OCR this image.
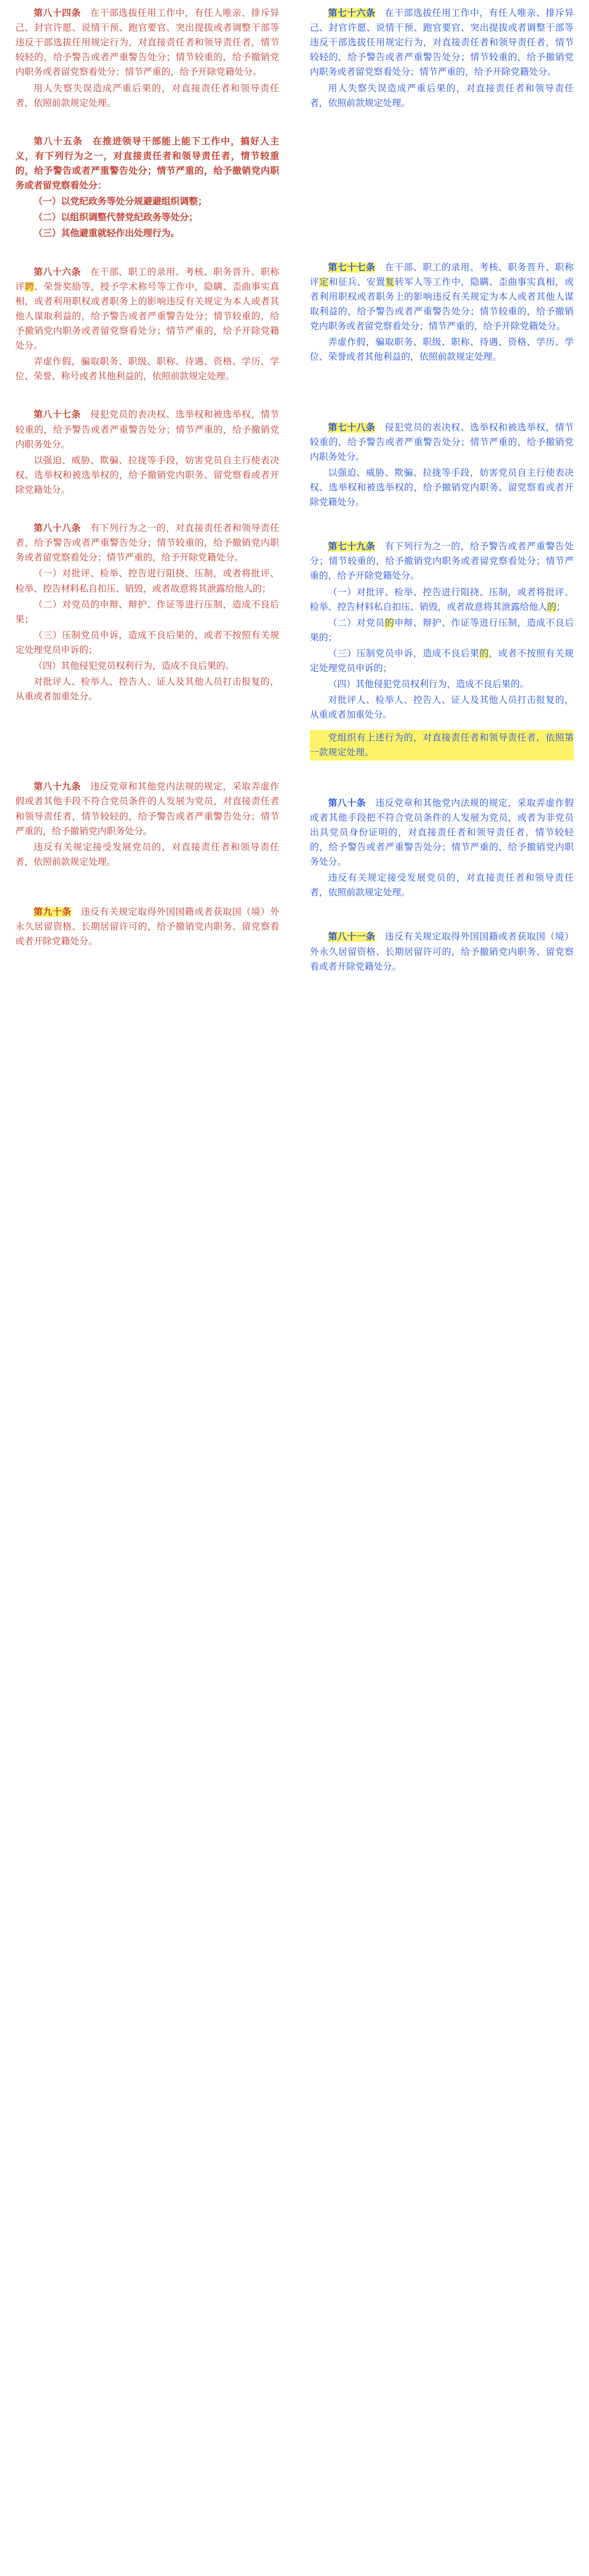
第八十四条　 在干部选拔任用工作中，有任人唯亲、排斥异己、封官许愿、说情干预、跑官要官、突出提拔或者调整干部等违反干部选拔任用规定行为，对直接责任者和领导责任者，情节较轻的，给予警告或者严重警告处分；情节较重的，给予撤销党内职务或者留党察看处分；情节严重的，给予开除党籍处分。

用人失察失误造成严重后果的，对直接责任者和领导责任者，依照前款规定处理。

第八十五条　 在推进领导干部能上能下工作中，搞好人主义，有下列行为之一，对直接责任者和领导责任者，情节较重的，给予警告或者严重警告处分；情节严重的，给予撤销党内职务或者留党察看处分：

（一）以党纪政务等处分规避避组织调整；

（二）以组织调整代替党纪政务等处分；

（三）其他避重就轻作出处理行为。

第八十六条　 在干部、职工的录用、考核、职务晋升、职称评聘、荣誉奖励等，授予学术称号等工作中，隐瞒、歪曲事实真相，或者利用职权或者职务上的影响违反有关规定为本人或者其他人谋取利益的，给予警告或者严重警告处分；情节较重的，给予撤销党内职务或者留党察看处分；情节严重的，给予开除党籍处分。

弄虚作假，骗取职务、职级、职称、待遇、资格、学历、学位、荣誉、称号或者其他利益的，依照前款规定处理。

第八十七条　 侵犯党员的表决权、选举权和被选举权，情节较重的，给予警告或者严重警告处分；情节严重的，给予撤销党内职务处分。

以强迫、威胁、欺骗、拉拢等手段，妨害党员自主行使表决权、选举权和被选举权的，给予撤销党内职务、留党察看或者开除党籍处分。

第八十八条　 有下列行为之一的，对直接责任者和领导责任者，给予警告或者严重警告处分；情节较重的，给予撤销党内职务或者留党察看处分；情节严重的，给予开除党籍处分。

（一）对批评、检举、控告进行阻挠、压制，或者将批评、检举、控告材料私自扣压、销毁，或者故意将其泄露给他人的；

（二）对党员的申辩、辩护、作证等进行压制，造成不良后果；

（三）压制党员申诉，造成不良后果的，或者不按照有关规定处理党员申诉的；

（四）其他侵犯党员权利行为，造成不良后果的。

对批评人、检举人、控告人、证人及其他人员打击报复的，从重或者加重处分。

第八十九条　 违反党章和其他党内法规的规定，采取弄虚作假或者其他手段不符合党员条件的人发展为党员，对直接责任者和领导责任者，情节较轻的，给予警告或者严重警告处分；情节严重的，给予撤销党内职务处分。

违反有关规定接受发展党员的，对直接责任者和领导责任者，依照前款规定处理。

第九十条　 违反有关规定取得外国国籍或者获取国（境）外永久居留资格、长期居留许可的，给予撤销党内职务、留党察看或者开除党籍处分。

第七十六条　 在干部选拔任用工作中，有任人唯亲、排斥异己、封官许愿、说情干预、跑官要官、突出提拔或者调整干部等违反干部选拔任用规定行为，对直接责任者和领导责任者，情节较轻的，给予警告或者严重警告处分；情节较重的，给予撤销党内职务或者留党察看处分；情节严重的，给予开除党籍处分。

用人失察失误造成严重后果的，对直接责任者和领导责任者，依照前款规定处理。

第七十七条　 在干部、职工的录用、考核、职务晋升、职称评定和征兵、安置复转军人等工作中，隐瞒、歪曲事实真相，或者利用职权或者职务上的影响违反有关规定为本人或者其他人谋取利益的，给予警告或者严重警告处分；情节较重的，给予撤销党内职务或者留党察看处分；情节严重的，给予开除党籍处分。

弄虚作假，骗取职务、职级、职称、待遇、资格、学历、学位、荣誉或者其他利益的，依照前款规定处理。

第七十八条　 侵犯党员的表决权、选举权和被选举权，情节较重的，给予警告或者严重警告处分；情节严重的，给予撤销党内职务处分。

以强迫、威胁、欺骗、拉拢等手段，妨害党员自主行使表决权、选举权和被选举权的，给予撤销党内职务、留党察看或者开除党籍处分。

第七十九条　 有下列行为之一的，给予警告或者严重警告处分；情节较重的，给予撤销党内职务或者留党察看处分；情节严重的，给予开除党籍处分。

（一）对批评、检举、控告进行阻挠、压制，或者将批评、检举、控告材料私自扣压、销毁，或者故意将其泄露给他人的；

（二）对党员的申辩、辩护、作证等进行压制，造成不良后果的；

（三）压制党员申诉，造成不良后果的，或者不按照有关规定处理党员申诉的；

（四）其他侵犯党员权利行为，造成不良后果的。

对批评人、检举人、控告人、证人及其他人员打击报复的，从重或者加重处分。

党组织有上述行为的，对直接责任者和领导责任者，依照第一款规定处理。

第八十条　 违反党章和其他党内法规的规定，采取弄虚作假或者其他手段把不符合党员条件的人发展为党员，或者为非党员出具党员身份证明的，对直接责任者和领导责任者，情节较轻的，给予警告或者严重警告处分；情节严重的，给予撤销党内职务处分。

违反有关规定接受发展党员的，对直接责任者和领导责任者，依照前款规定处理。

第八十一条　 违反有关规定取得外国国籍或者获取国（境）外永久居留资格、长期居留许可的，给予撤销党内职务、留党察看或者开除党籍处分。
